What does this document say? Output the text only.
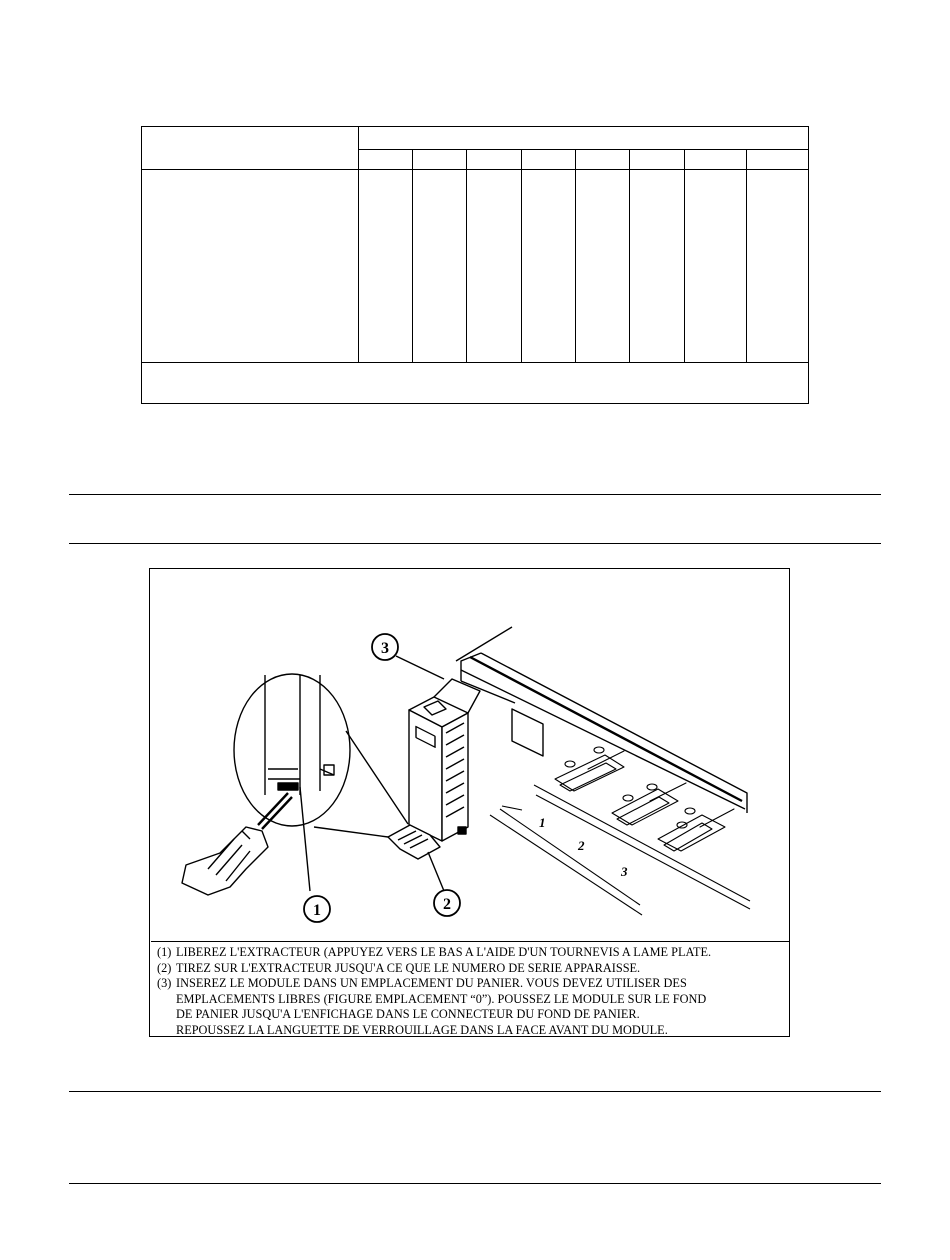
3
1	2
1
2
3
(1) LIBEREZ L'EXTRACTEUR (APPUYEZ VERS LE BAS A L'AIDE D'UN TOURNEVIS A LAME PLATE.
(2) TIREZ SUR L'EXTRACTEUR JUSQU'A CE QUE LE NUMERO DE SERIE APPARAISSE.
(3) INSEREZ LE MODULE DANS UN EMPLACEMENT DU PANIER. VOUS DEVEZ UTILISER DES
EMPLACEMENTS LIBRES (FIGURE EMPLACEMENT “0”). POUSSEZ LE MODULE SUR LE FOND
DE PANIER JUSQU'A L'ENFICHAGE DANS LE CONNECTEUR DU FOND DE PANIER.
REPOUSSEZ LA LANGUETTE DE VERROUILLAGE DANS LA FACE AVANT DU MODULE.
